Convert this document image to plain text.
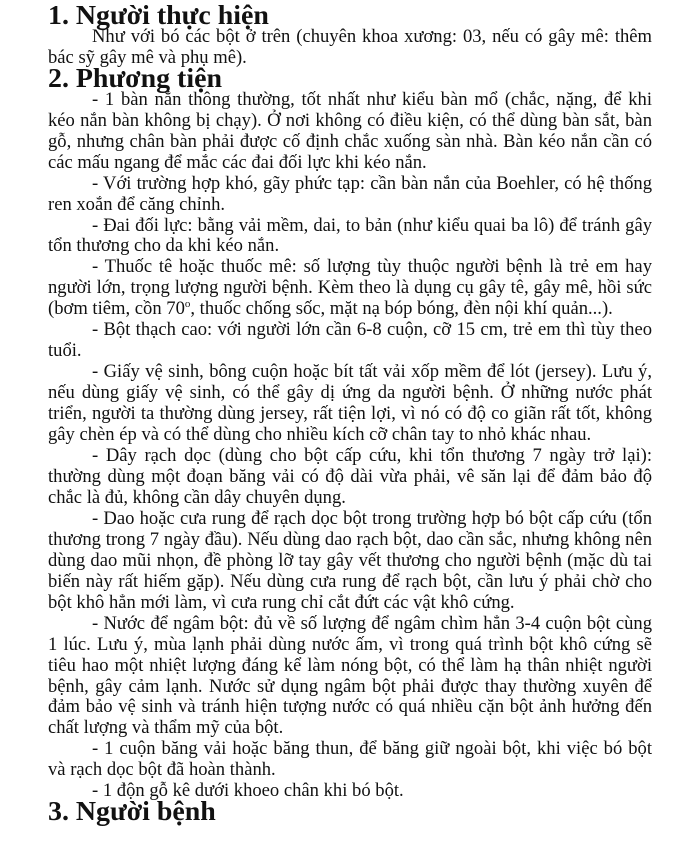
1. Người thực hiện

Như với bó các bột ở trên (chuyên khoa xương: 03, nếu có gây mê: thêm bác sỹ gây mê và phụ mê).

2. Phương tiện

- 1 bàn nắn thông thường, tốt nhất như kiểu bàn mổ (chắc, nặng, để khi kéo nắn bàn không bị chạy). Ở nơi không có điều kiện, có thể dùng bàn sắt, bàn gỗ, nhưng chân bàn phải được cố định chắc xuống sàn nhà. Bàn kéo nắn cần có các mấu ngang để mắc các đai đối lực khi kéo nắn.

- Với trường hợp khó, gãy phức tạp: cần bàn nắn của Boehler, có hệ thống ren xoắn để căng chỉnh.

- Đai đối lực: bằng vải mềm, dai, to bản (như kiểu quai ba lô) để tránh gây tổn thương cho da khi kéo nắn.

- Thuốc tê hoặc thuốc mê: số lượng tùy thuộc người bệnh là trẻ em hay người lớn, trọng lượng người bệnh. Kèm theo là dụng cụ gây tê, gây mê, hồi sức (bơm tiêm, cồn 70$^o$, thuốc chống sốc, mặt nạ bóp bóng, đèn nội khí quản...).

- Bột thạch cao: với người lớn cần 6-8 cuộn, cỡ 15 cm, trẻ em thì tùy theo tuổi.

- Giấy vệ sinh, bông cuộn hoặc bít tất vải xốp mềm để lót (jersey). Lưu ý, nếu dùng giấy vệ sinh, có thể gây dị ứng da người bệnh. Ở những nước phát triển, người ta thường dùng jersey, rất tiện lợi, vì nó có độ co giãn rất tốt, không gây chèn ép và có thể dùng cho nhiều kích cỡ chân tay to nhỏ khác nhau.

- Dây rạch dọc (dùng cho bột cấp cứu, khi tổn thương 7 ngày trở lại): thường dùng một đoạn băng vải có độ dài vừa phải, vê săn lại để đảm bảo độ chắc là đủ, không cần dây chuyên dụng.

- Dao hoặc cưa rung để rạch dọc bột trong trường hợp bó bột cấp cứu (tổn thương trong 7 ngày đầu). Nếu dùng dao rạch bột, dao cần sắc, nhưng không nên dùng dao mũi nhọn, đề phòng lỡ tay gây vết thương cho người bệnh (mặc dù tai biến này rất hiếm gặp). Nếu dùng cưa rung để rạch bột, cần lưu ý phải chờ cho bột khô hẳn mới làm, vì cưa rung chỉ cắt đứt các vật khô cứng.

- Nước để ngâm bột: đủ về số lượng để ngâm chìm hẳn 3-4 cuộn bột cùng 1 lúc. Lưu ý, mùa lạnh phải dùng nước ấm, vì trong quá trình bột khô cứng sẽ tiêu hao một nhiệt lượng đáng kể làm nóng bột, có thể làm hạ thân nhiệt người bệnh, gây cảm lạnh. Nước sử dụng ngâm bột phải được thay thường xuyên để đảm bảo vệ sinh và tránh hiện tượng nước có quá nhiều cặn bột ảnh hưởng đến chất lượng và thẩm mỹ của bột.

- 1 cuộn băng vải hoặc băng thun, để băng giữ ngoài bột, khi việc bó bột và rạch dọc bột đã hoàn thành.

- 1 độn gỗ kê dưới khoeo chân khi bó bột.

3. Người bệnh
